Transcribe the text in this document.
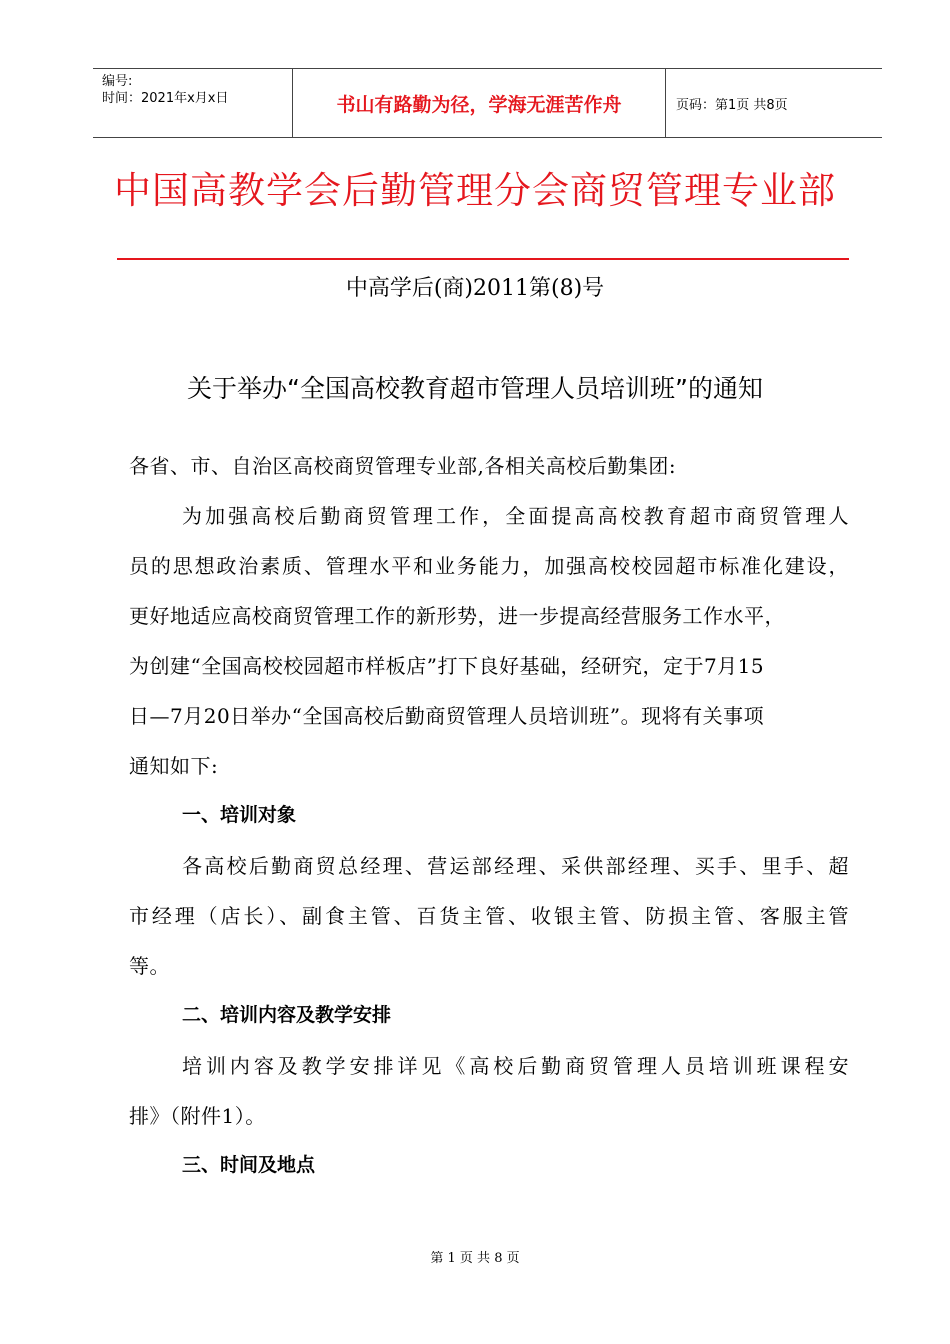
编号:
时间：2021年x月x日	书山有路勤为径，学海无涯苦作舟	页码：第1页 共8页
中国高教学会后勤管理分会商贸管理专业部
中高学后(商)2011第(8)号
关于举办“全国高校教育超市管理人员培训班”的通知
各省、市、自治区高校商贸管理专业部,各相关高校后勤集团:
为加强高校后勤商贸管理工作，全面提高高校教育超市商贸管理人
员的思想政治素质、管理水平和业务能力，加强高校校园超市标准化建设，
更好地适应高校商贸管理工作的新形势，进一步提高经营服务工作水平，
为创建“全国高校校园超市样板店”打下良好基础，经研究，定于7月15
日—7月20日举办“全国高校后勤商贸管理人员培训班”。现将有关事项
通知如下:
一、培训对象
各高校后勤商贸总经理、营运部经理、采供部经理、买手、里手、超
市经理（店长）、副食主管、百货主管、收银主管、防损主管、客服主管
等。
二、培训内容及教学安排
培训内容及教学安排详见《高校后勤商贸管理人员培训班课程安
排》（附件1）。
三、时间及地点
第 1 页 共 8 页
